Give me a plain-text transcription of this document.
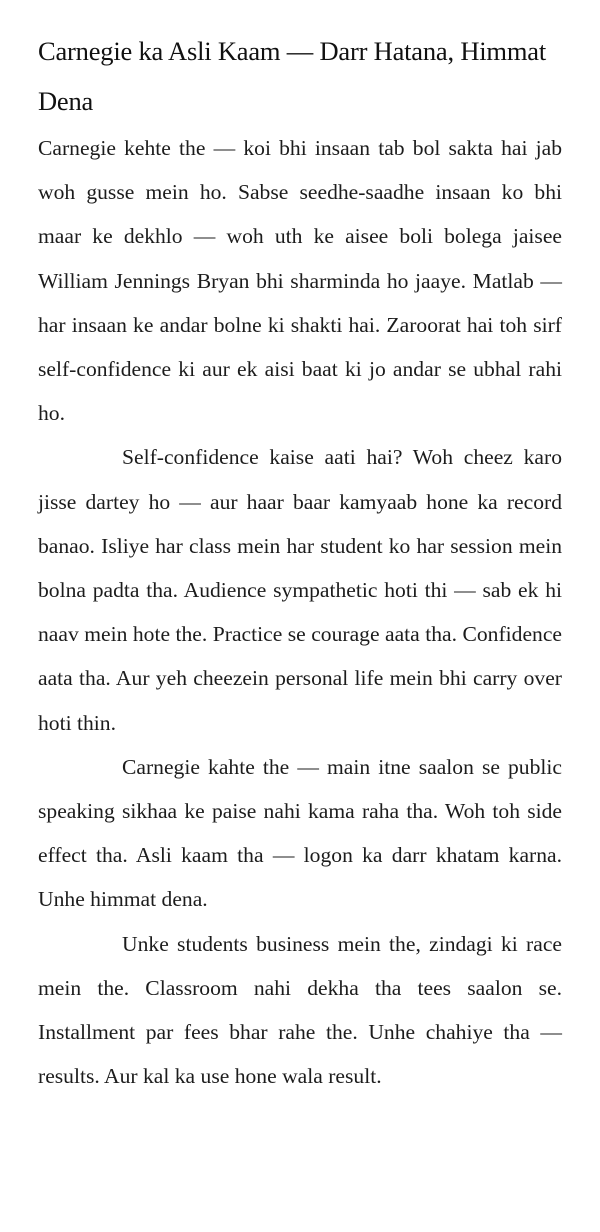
Carnegie ka Asli Kaam — Darr Hatana, Himmat Dena

Carnegie kehte the — koi bhi insaan tab bol sakta hai jab woh gusse mein ho. Sabse seedhe-saadhe insaan ko bhi maar ke dekhlo — woh uth ke aisee boli bolega jaisee William Jennings Bryan bhi sharminda ho jaaye. Matlab — har insaan ke andar bolne ki shakti hai. Zaroorat hai toh sirf self-confidence ki aur ek aisi baat ki jo andar se ubhal rahi ho.

Self-confidence kaise aati hai? Woh cheez karo jisse dartey ho — aur haar baar kamyaab hone ka record banao. Isliye har class mein har student ko har session mein bolna padta tha. Audience sympathetic hoti thi — sab ek hi naav mein hote the. Practice se courage aata tha. Confidence aata tha. Aur yeh cheezein personal life mein bhi carry over hoti thin.

Carnegie kahte the — main itne saalon se public speaking sikhaa ke paise nahi kama raha tha. Woh toh side effect tha. Asli kaam tha — logon ka darr khatam karna. Unhe himmat dena.

Unke students business mein the, zindagi ki race mein the. Classroom nahi dekha tha tees saalon se. Installment par fees bhar rahe the. Unhe chahiye tha — results. Aur kal ka use hone wala result.
